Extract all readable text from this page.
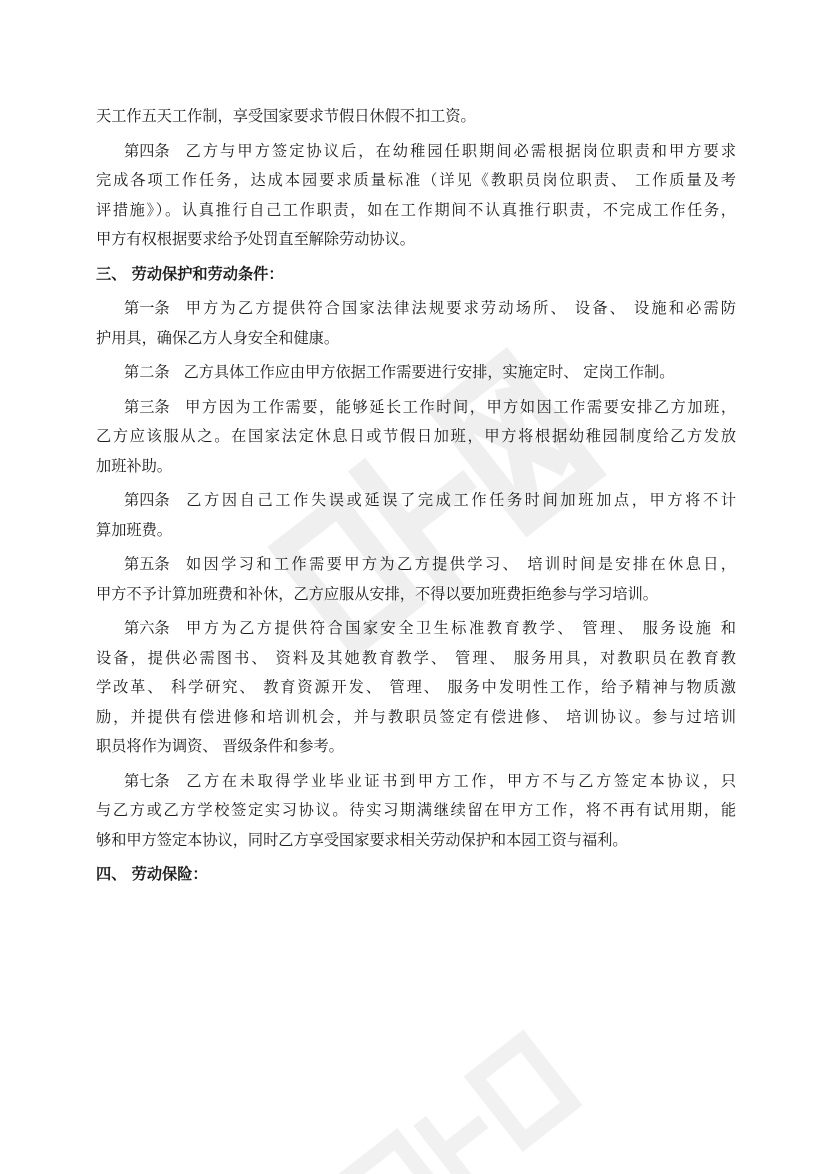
天工作五天工作制，享受国家要求节假日休假不扣工资。
第四条 乙方与甲方签定协议后，在幼稚园任职期间必需根据岗位职责和甲方要求
完成各项工作任务，达成本园要求质量标准（详见《教职员岗位职责、 工作质量及考
评措施》）。认真推行自己工作职责，如在工作期间不认真推行职责，不完成工作任务，
甲方有权根据要求给予处罚直至解除劳动协议。
三、 劳动保护和劳动条件：
第一条 甲方为乙方提供符合国家法律法规要求劳动场所、 设备、 设施和必需防
护用具，确保乙方人身安全和健康。
第二条 乙方具体工作应由甲方依据工作需要进行安排，实施定时、 定岗工作制。
第三条 甲方因为工作需要，能够延长工作时间，甲方如因工作需要安排乙方加班，
乙方应该服从之。在国家法定休息日或节假日加班，甲方将根据幼稚园制度给乙方发放
加班补助。
第四条 乙方因自己工作失误或延误了完成工作任务时间加班加点，甲方将不计
算加班费。
第五条 如因学习和工作需要甲方为乙方提供学习、 培训时间是安排在休息日，
甲方不予计算加班费和补休，乙方应服从安排，不得以要加班费拒绝参与学习培训。
第六条 甲方为乙方提供符合国家安全卫生标准教育教学、 管理、 服务设施 和
设备，提供必需图书、 资料及其她教育教学、 管理、 服务用具，对教职员在教育教
学改革、 科学研究、 教育资源开发、 管理、 服务中发明性工作，给予精神与物质激
励，并提供有偿进修和培训机会，并与教职员签定有偿进修、 培训协议。参与过培训
职员将作为调资、 晋级条件和参考。
第七条 乙方在未取得学业毕业证书到甲方工作，甲方不与乙方签定本协议，只
与乙方或乙方学校签定实习协议。待实习期满继续留在甲方工作，将不再有试用期，能
够和甲方签定本协议，同时乙方享受国家要求相关劳动保护和本园工资与福利。
四、 劳动保险：
